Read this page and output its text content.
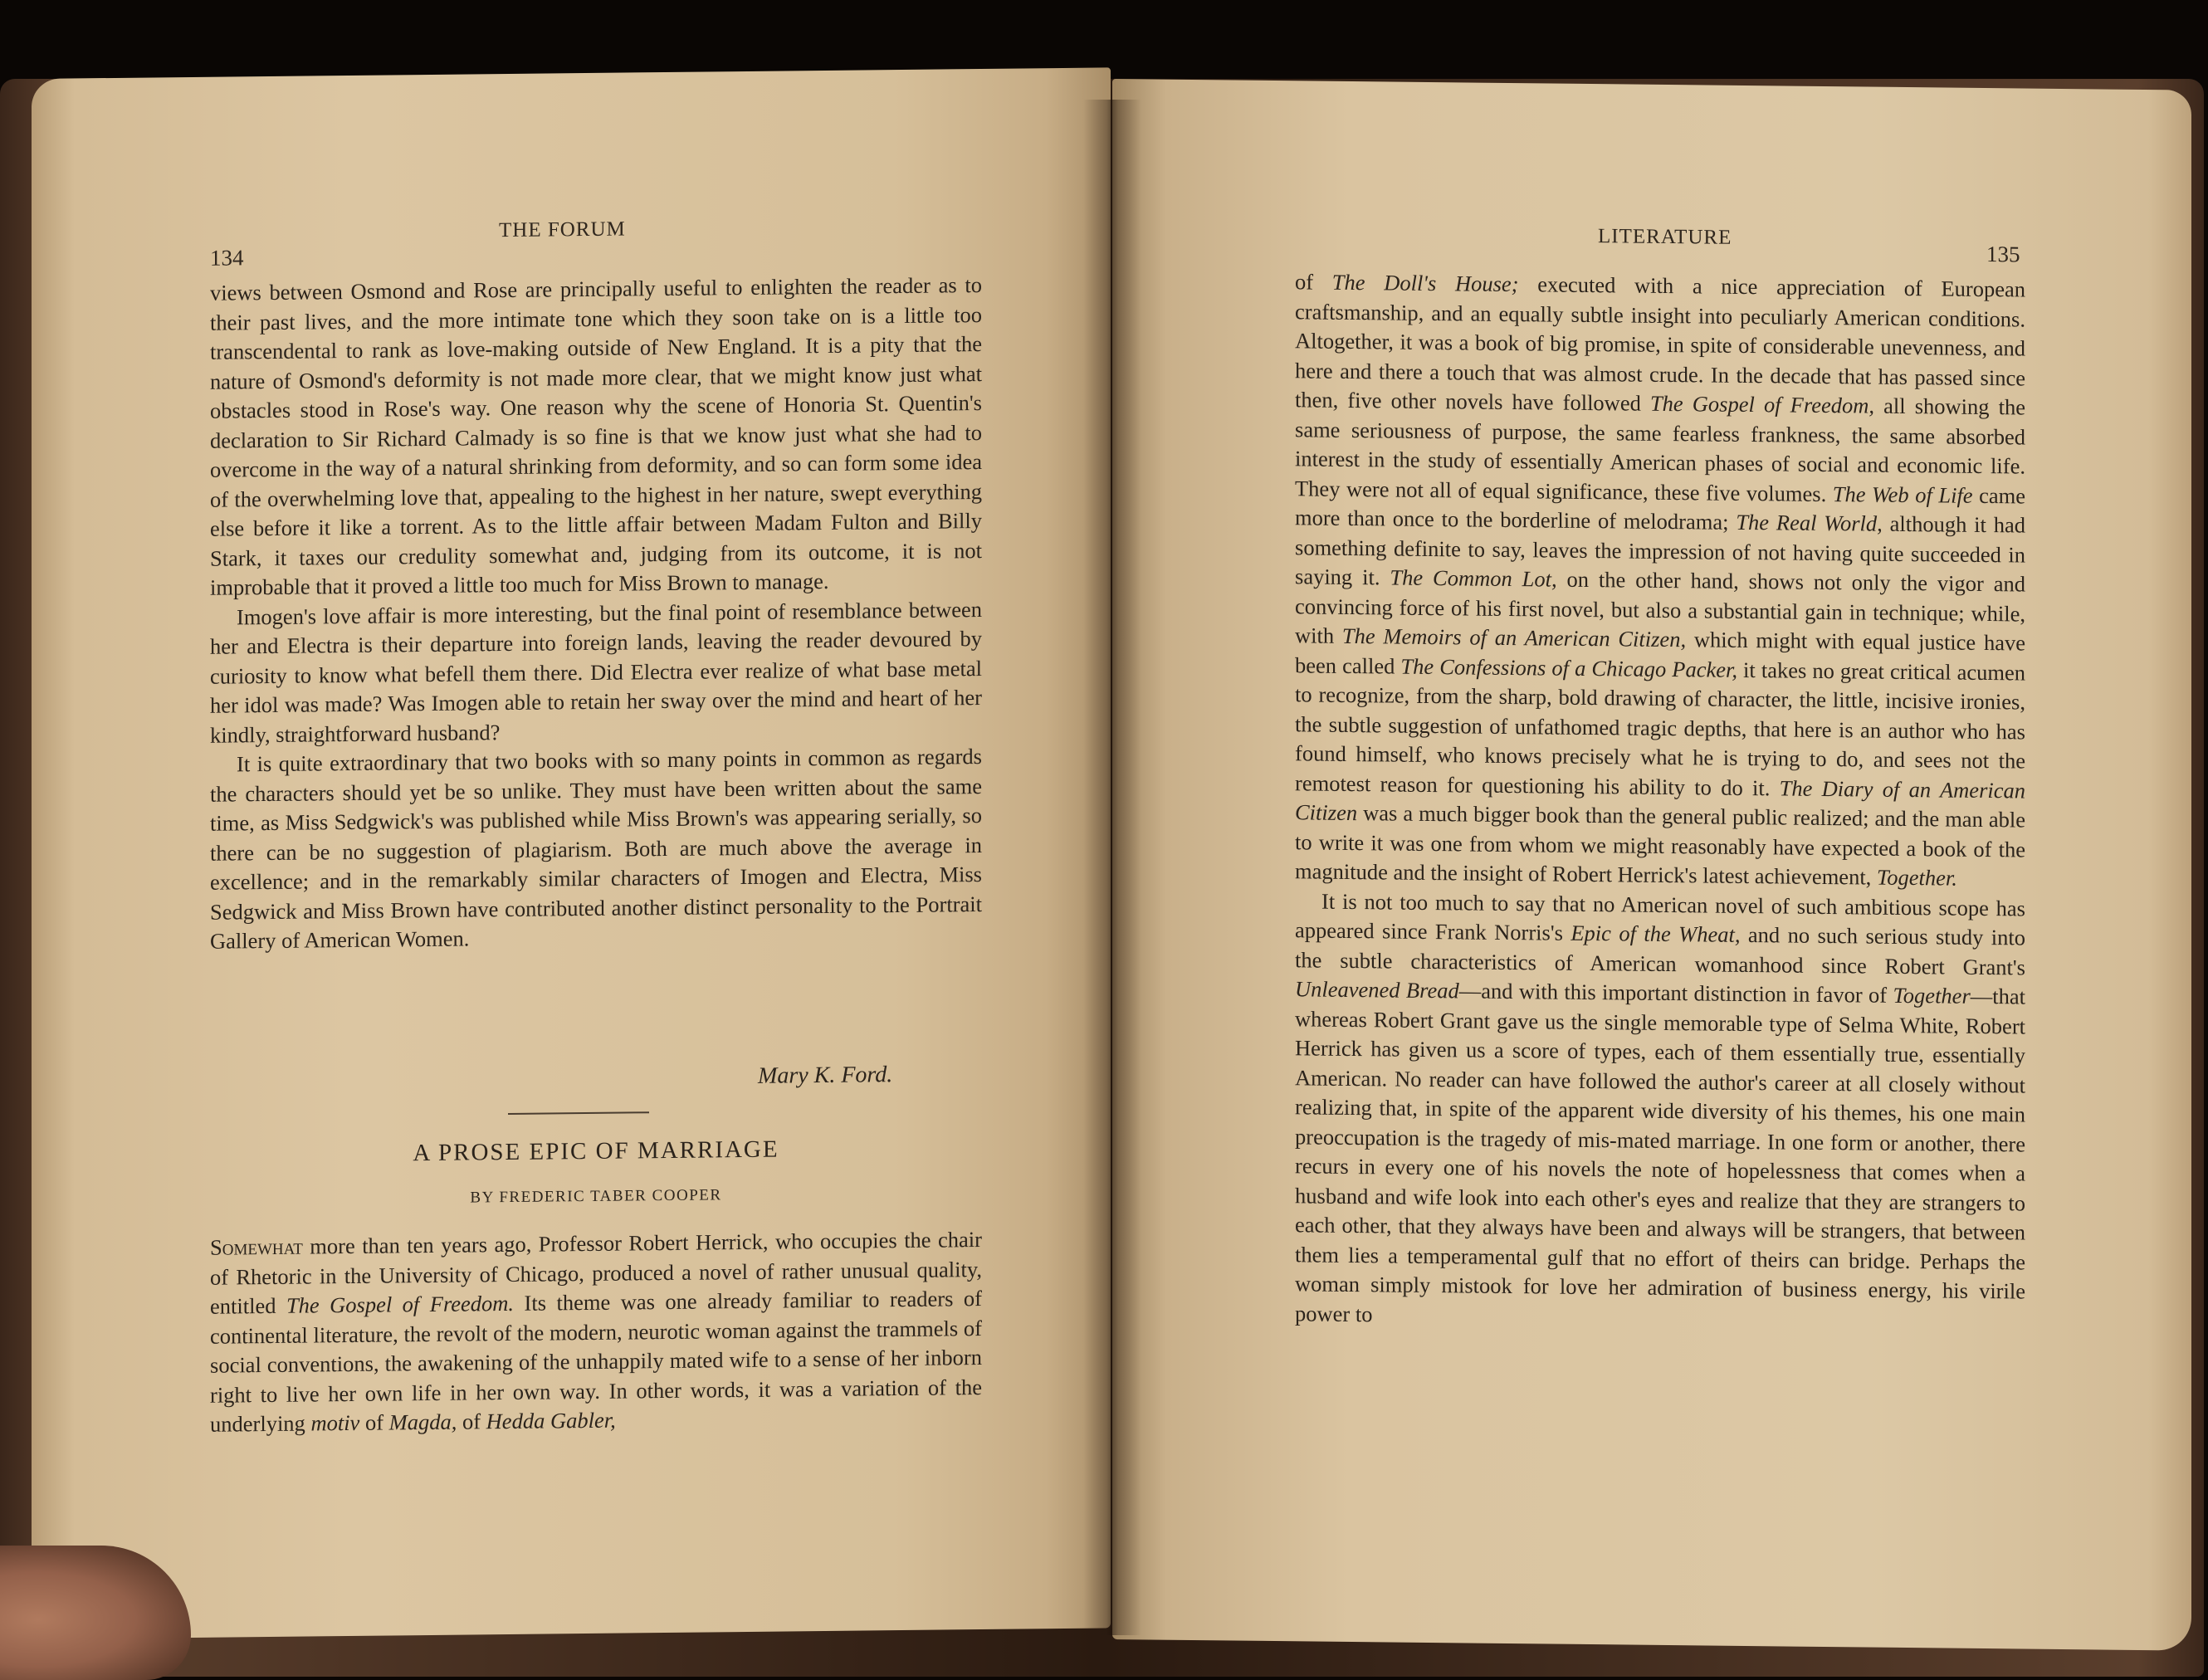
THE FORUM
134

views between Osmond and Rose are principally useful to enlighten the reader as to their past lives, and the more intimate tone which they soon take on is a little too transcendental to rank as love-making outside of New England. It is a pity that the nature of Osmond's deformity is not made more clear, that we might know just what obstacles stood in Rose's way. One reason why the scene of Honoria St. Quentin's declaration to Sir Richard Calmady is so fine is that we know just what she had to overcome in the way of a natural shrinking from deformity, and so can form some idea of the overwhelming love that, appealing to the highest in her nature, swept everything else before it like a torrent. As to the little affair between Madam Fulton and Billy Stark, it taxes our credulity somewhat and, judging from its outcome, it is not improbable that it proved a little too much for Miss Brown to manage.

Imogen's love affair is more interesting, but the final point of resemblance between her and Electra is their departure into foreign lands, leaving the reader devoured by curiosity to know what befell them there. Did Electra ever realize of what base metal her idol was made? Was Imogen able to retain her sway over the mind and heart of her kindly, straightforward husband?

It is quite extraordinary that two books with so many points in common as regards the characters should yet be so unlike. They must have been written about the same time, as Miss Sedgwick's was published while Miss Brown's was appearing serially, so there can be no suggestion of plagiarism. Both are much above the average in excellence; and in the remarkably similar characters of Imogen and Electra, Miss Sedgwick and Miss Brown have contributed another distinct personality to the Portrait Gallery of American Women.

Mary K. Ford.
A PROSE EPIC OF MARRIAGE
BY FREDERIC TABER COOPER

Somewhat more than ten years ago, Professor Robert Herrick, who occupies the chair of Rhetoric in the University of Chicago, produced a novel of rather unusual quality, entitled The Gospel of Freedom. Its theme was one already familiar to readers of continental literature, the revolt of the modern, neurotic woman against the trammels of social conventions, the awakening of the unhappily mated wife to a sense of her inborn right to live her own life in her own way. In other words, it was a variation of the underlying motiv of Magda, of Hedda Gabler,

LITERATURE
135

of The Doll's House; executed with a nice appreciation of European craftsmanship, and an equally subtle insight into peculiarly American conditions. Altogether, it was a book of big promise, in spite of considerable unevenness, and here and there a touch that was almost crude. In the decade that has passed since then, five other novels have followed The Gospel of Freedom, all showing the same seriousness of purpose, the same fearless frankness, the same absorbed interest in the study of essentially American phases of social and economic life. They were not all of equal significance, these five volumes. The Web of Life came more than once to the borderline of melodrama; The Real World, although it had something definite to say, leaves the impression of not having quite succeeded in saying it. The Common Lot, on the other hand, shows not only the vigor and convincing force of his first novel, but also a substantial gain in technique; while, with The Memoirs of an American Citizen, which might with equal justice have been called The Confessions of a Chicago Packer, it takes no great critical acumen to recognize, from the sharp, bold drawing of character, the little, incisive ironies, the subtle suggestion of unfathomed tragic depths, that here is an author who has found himself, who knows precisely what he is trying to do, and sees not the remotest reason for questioning his ability to do it. The Diary of an American Citizen was a much bigger book than the general public realized; and the man able to write it was one from whom we might reasonably have expected a book of the magnitude and the insight of Robert Herrick's latest achievement, Together.

It is not too much to say that no American novel of such ambitious scope has appeared since Frank Norris's Epic of the Wheat, and no such serious study into the subtle characteristics of American womanhood since Robert Grant's Unleavened Bread—and with this important distinction in favor of Together—that whereas Robert Grant gave us the single memorable type of Selma White, Robert Herrick has given us a score of types, each of them essentially true, essentially American. No reader can have followed the author's career at all closely without realizing that, in spite of the apparent wide diversity of his themes, his one main preoccupation is the tragedy of mis-mated marriage. In one form or another, there recurs in every one of his novels the note of hopelessness that comes when a husband and wife look into each other's eyes and realize that they are strangers to each other, that they always have been and always will be strangers, that between them lies a temperamental gulf that no effort of theirs can bridge. Perhaps the woman simply mistook for love her admiration of business energy, his virile power to
